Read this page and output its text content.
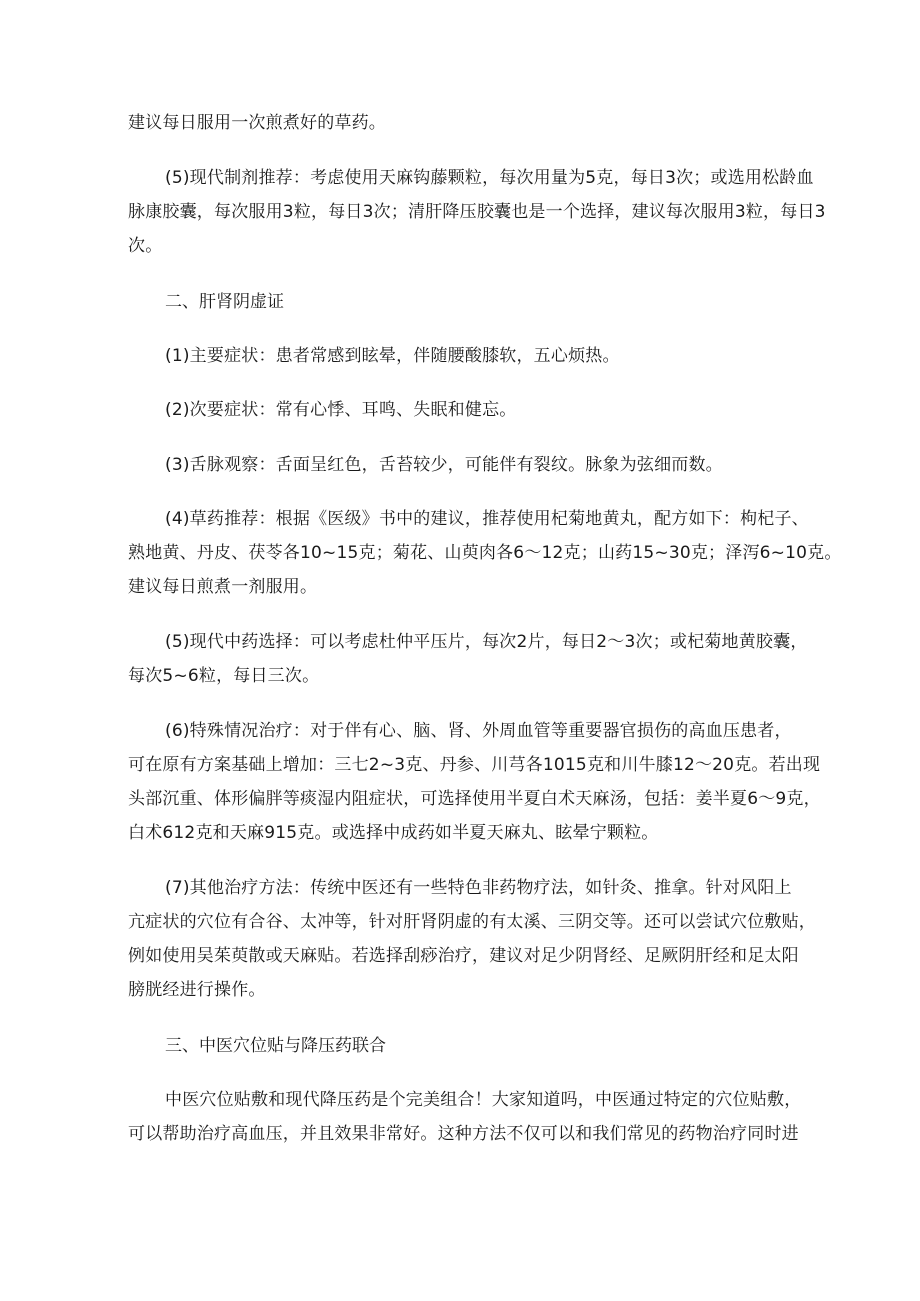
建议每日服用一次煎煮好的草药。
(5)现代制剂推荐：考虑使用天麻钩藤颗粒，每次用量为5克，每日3次；或选用松龄血
脉康胶囊，每次服用3粒，每日3次；清肝降压胶囊也是一个选择，建议每次服用3粒，每日3
次。
二、肝肾阴虚证
(1)主要症状：患者常感到眩晕，伴随腰酸膝软，五心烦热。
(2)次要症状：常有心悸、耳鸣、失眠和健忘。
(3)舌脉观察：舌面呈红色，舌苔较少，可能伴有裂纹。脉象为弦细而数。
(4)草药推荐：根据《医级》书中的建议，推荐使用杞菊地黄丸，配方如下：枸杞子、
熟地黄、丹皮、茯苓各10~15克；菊花、山萸肉各6〜12克；山药15~30克；泽泻6~10克。
建议每日煎煮一剂服用。
(5)现代中药选择：可以考虑杜仲平压片，每次2片，每日2〜3次；或杞菊地黄胶囊，
每次5~6粒，每日三次。
(6)特殊情况治疗：对于伴有心、脑、肾、外周血管等重要器官损伤的高血压患者，
可在原有方案基础上增加：三七2~3克、丹参、川芎各1015克和川牛膝12〜20克。若出现
头部沉重、体形偏胖等痰湿内阻症状，可选择使用半夏白术天麻汤，包括：姜半夏6〜9克，
白术612克和天麻915克。或选择中成药如半夏天麻丸、眩晕宁颗粒。
(7)其他治疗方法：传统中医还有一些特色非药物疗法，如针灸、推拿。针对风阳上
亢症状的穴位有合谷、太冲等，针对肝肾阴虚的有太溪、三阴交等。还可以尝试穴位敷贴，
例如使用吴茱萸散或天麻贴。若选择刮痧治疗，建议对足少阴肾经、足厥阴肝经和足太阳
膀胱经进行操作。
三、中医穴位贴与降压药联合
中医穴位贴敷和现代降压药是个完美组合！大家知道吗，中医通过特定的穴位贴敷，
可以帮助治疗高血压，并且效果非常好。这种方法不仅可以和我们常见的药物治疗同时进
